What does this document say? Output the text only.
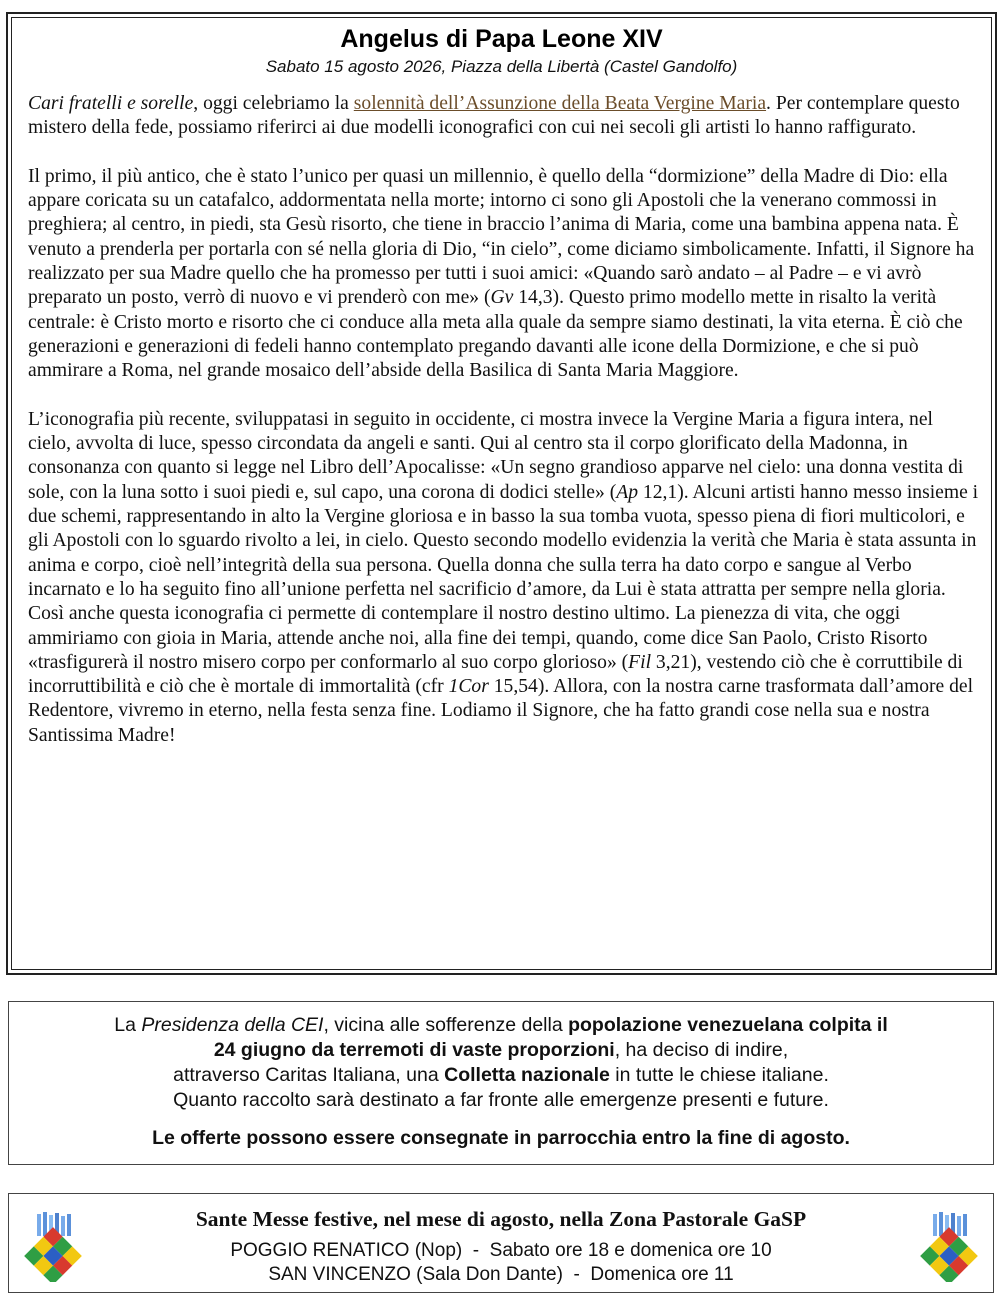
Angelus di Papa Leone XIV
Sabato 15 agosto 2026, Piazza della Libertà (Castel Gandolfo)

Cari fratelli e sorelle, oggi celebriamo la solennità dell’Assunzione della Beata Vergine Maria. Per contemplare questo mistero della fede, possiamo riferirci ai due modelli iconografici con cui nei secoli gli artisti lo hanno raffigurato.

Il primo, il più antico, che è stato l’unico per quasi un millennio, è quello della “dormizione” della Madre di Dio: ella appare coricata su un catafalco, addormentata nella morte; intorno ci sono gli Apostoli che la venerano commossi in preghiera; al centro, in piedi, sta Gesù risorto, che tiene in braccio l’anima di Maria, come una bambina appena nata. È venuto a prenderla per portarla con sé nella gloria di Dio, “in cielo”, come diciamo simbolicamente. Infatti, il Signore ha realizzato per sua Madre quello che ha promesso per tutti i suoi amici: «Quando sarò andato – al Padre – e vi avrò preparato un posto, verrò di nuovo e vi prenderò con me» (Gv 14,3). Questo primo modello mette in risalto la verità centrale: è Cristo morto e risorto che ci conduce alla meta alla quale da sempre siamo destinati, la vita eterna. È ciò che generazioni e generazioni di fedeli hanno contemplato pregando davanti alle icone della Dormizione, e che si può ammirare a Roma, nel grande mosaico dell’abside della Basilica di Santa Maria Maggiore.

L’iconografia più recente, sviluppatasi in seguito in occidente, ci mostra invece la Vergine Maria a figura intera, nel cielo, avvolta di luce, spesso circondata da angeli e santi. Qui al centro sta il corpo glorificato della Madonna, in consonanza con quanto si legge nel Libro dell’Apocalisse: «Un segno grandioso apparve nel cielo: una donna vestita di sole, con la luna sotto i suoi piedi e, sul capo, una corona di dodici stelle» (Ap 12,1). Alcuni artisti hanno messo insieme i due schemi, rappresentando in alto la Vergine gloriosa e in basso la sua tomba vuota, spesso piena di fiori multicolori, e gli Apostoli con lo sguardo rivolto a lei, in cielo. Questo secondo modello evidenzia la verità che Maria è stata assunta in anima e corpo, cioè nell’integrità della sua persona. Quella donna che sulla terra ha dato corpo e sangue al Verbo incarnato e lo ha seguito fino all’unione perfetta nel sacrificio d’amore, da Lui è stata attratta per sempre nella gloria. Così anche questa iconografia ci permette di contemplare il nostro destino ultimo. La pienezza di vita, che oggi ammiriamo con gioia in Maria, attende anche noi, alla fine dei tempi, quando, come dice San Paolo, Cristo Risorto «trasfigurerà il nostro misero corpo per conformarlo al suo corpo glorioso» (Fil 3,21), vestendo ciò che è corruttibile di incorruttibilità e ciò che è mortale di immortalità (cfr 1Cor 15,54). Allora, con la nostra carne trasformata dall’amore del Redentore, vivremo in eterno, nella festa senza fine. Lodiamo il Signore, che ha fatto grandi cose nella sua e nostra Santissima Madre!

La Presidenza della CEI, vicina alle sofferenze della popolazione venezuelana colpita il
24 giugno da terremoti di vaste proporzioni, ha deciso di indire,
attraverso Caritas Italiana, una Colletta nazionale in tutte le chiese italiane.
Quanto raccolto sarà destinato a far fronte alle emergenze presenti e future.
Le offerte possono essere consegnate in parrocchia entro la fine di agosto.
Sante Messe festive, nel mese di agosto, nella Zona Pastorale GaSP
POGGIO RENATICO (Nop)  -  Sabato ore 18 e domenica ore 10
SAN VINCENZO (Sala Don Dante)  -  Domenica ore 11
